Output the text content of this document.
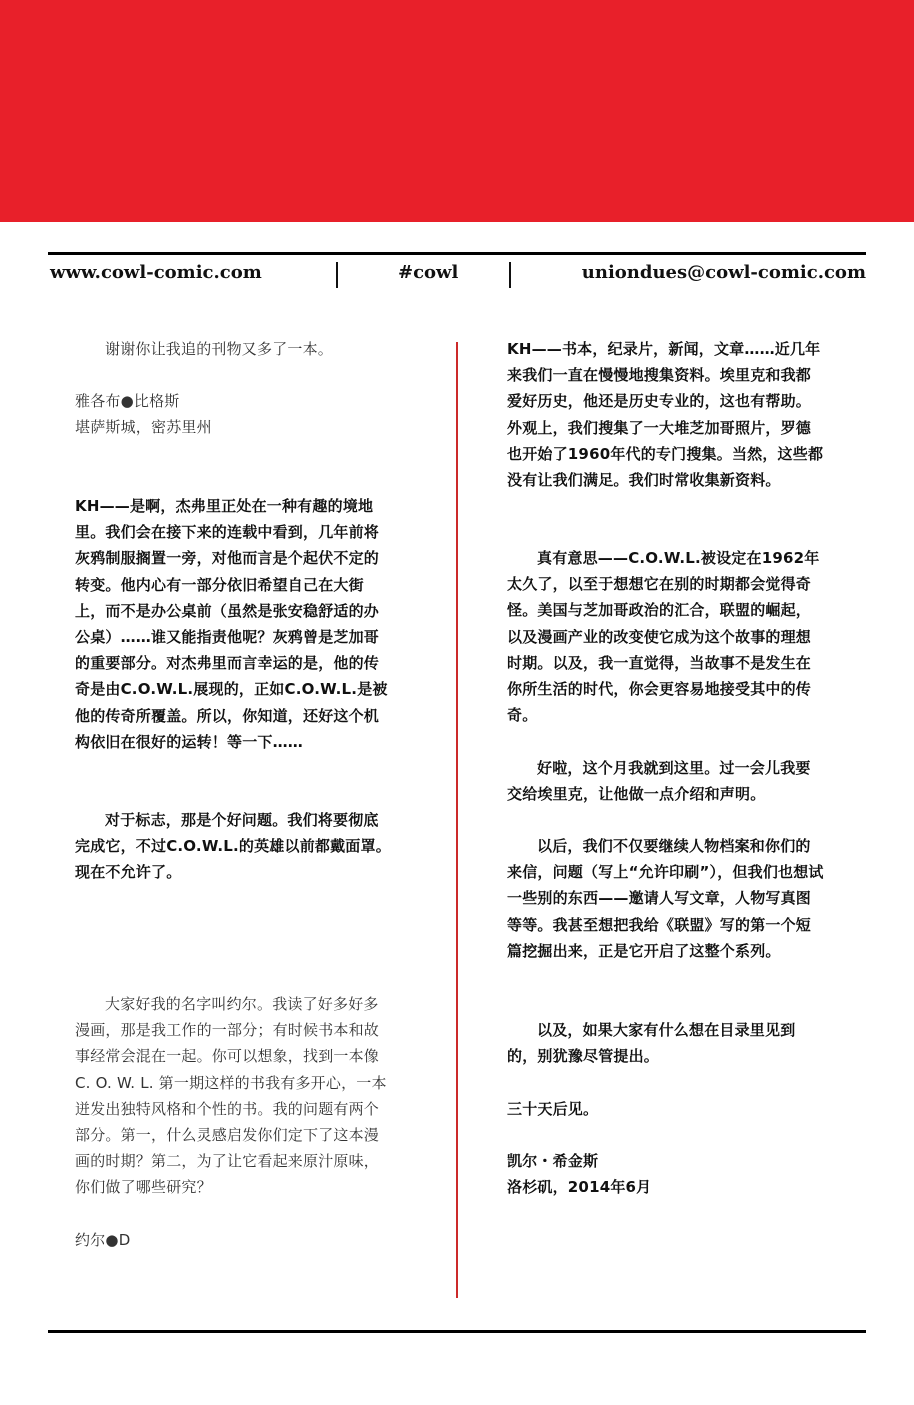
www.cowl-comic.com	#cowl	uniondues@cowl-comic.com

谢谢你让我追的刊物又多了一本。

雅各布●比格斯

堪萨斯城，密苏里州

KH——是啊，杰弗里正处在一种有趣的境地里。我们会在接下来的连载中看到，几年前将灰鸦制服搁置一旁，对他而言是个起伏不定的转变。他内心有一部分依旧希望自己在大街上，而不是办公桌前（虽然是张安稳舒适的办公桌）……谁又能指责他呢？灰鸦曾是芝加哥的重要部分。对杰弗里而言幸运的是，他的传奇是由C.O.W.L.展现的，正如C.O.W.L.是被他的传奇所覆盖。所以，你知道，还好这个机构依旧在很好的运转！等一下……

对于标志，那是个好问题。我们将要彻底完成它，不过C.O.W.L.的英雄以前都戴面罩。现在不允许了。

大家好我的名字叫约尔。我读了好多好多漫画，那是我工作的一部分；有时候书本和故事经常会混在一起。你可以想象，找到一本像C. O. W. L. 第一期这样的书我有多开心，一本迸发出独特风格和个性的书。我的问题有两个部分。第一，什么灵感启发你们定下了这本漫画的时期？第二，为了让它看起来原汁原味，你们做了哪些研究？

约尔●D

KH——书本，纪录片，新闻，文章……近几年来我们一直在慢慢地搜集资料。埃里克和我都爱好历史，他还是历史专业的，这也有帮助。外观上，我们搜集了一大堆芝加哥照片，罗德也开始了1960年代的专门搜集。当然，这些都没有让我们满足。我们时常收集新资料。

真有意思——C.O.W.L.被设定在1962年太久了，以至于想想它在别的时期都会觉得奇怪。美国与芝加哥政治的汇合，联盟的崛起，以及漫画产业的改变使它成为这个故事的理想时期。以及，我一直觉得，当故事不是发生在你所生活的时代，你会更容易地接受其中的传奇。

好啦，这个月我就到这里。过一会儿我要交给埃里克，让他做一点介绍和声明。

以后，我们不仅要继续人物档案和你们的来信，问题（写上“允许印刷”），但我们也想试一些别的东西——邀请人写文章，人物写真图等等。我甚至想把我给《联盟》写的第一个短篇挖掘出来，正是它开启了这整个系列。

以及，如果大家有什么想在目录里见到的，别犹豫尽管提出。

三十天后见。

凯尔・希金斯

洛杉矶，2014年6月
